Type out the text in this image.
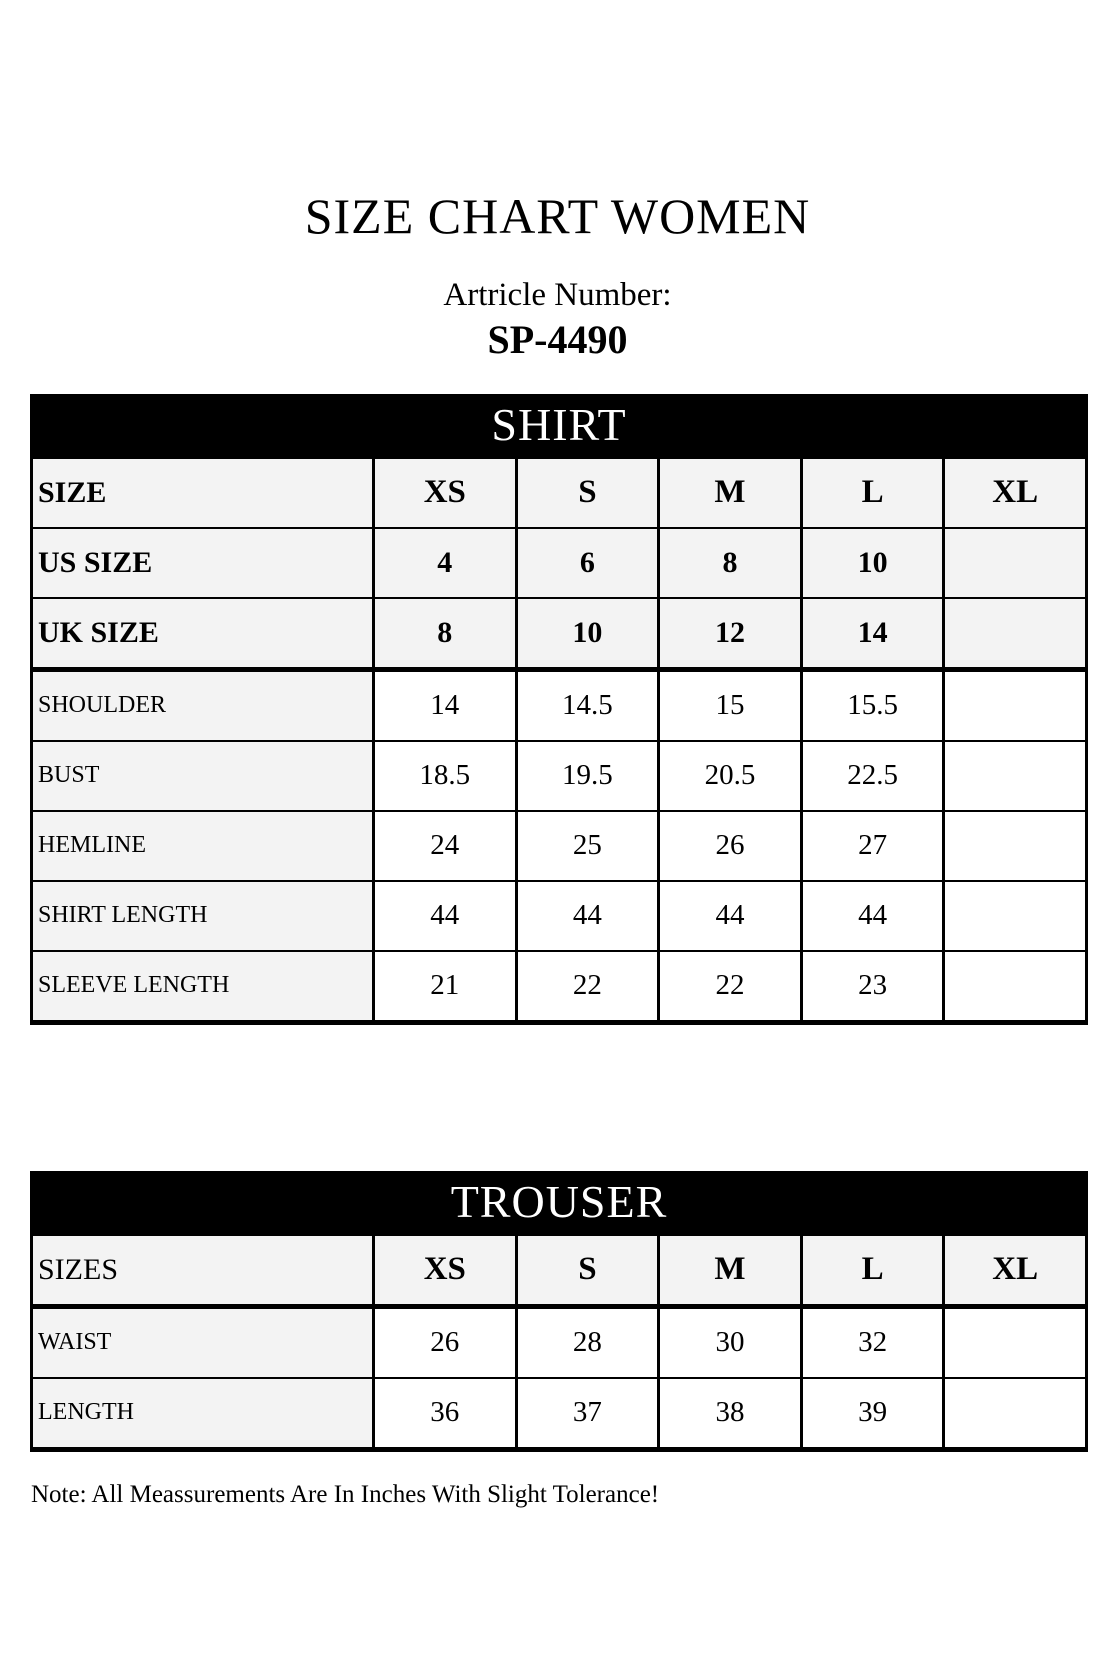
SIZE CHART WOMEN

Artricle Number:

SP-4490

SHIRT
SIZE	XS	S	M	L	XL
US SIZE	4	6	8	10	
UK SIZE	8	10	12	14	
SHOULDER	14	14.5	15	15.5	
BUST	18.5	19.5	20.5	22.5	
HEMLINE	24	25	26	27	
SHIRT LENGTH	44	44	44	44	
SLEEVE LENGTH	21	22	22	23	
TROUSER
SIZES	XS	S	M	L	XL
WAIST	26	28	30	32	
LENGTH	36	37	38	39	

Note: All Meassurements Are In Inches With Slight Tolerance!
